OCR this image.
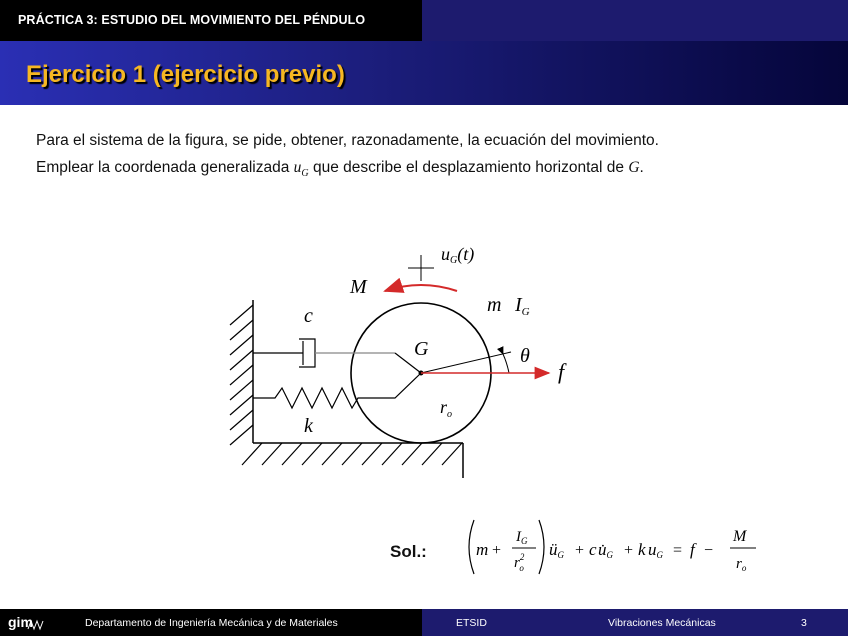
PRÁCTICA 3: ESTUDIO DEL MOVIMIENTO DEL PÉNDULO
Ejercicio 1 (ejercicio previo)
Para el sistema de la figura, se pide, obtener, razonadamente, la ecuación del movimiento.
Emplear la coordenada generalizada $u_G$ que describe el desplazamiento horizontal de G.
uG(t)
M
m $I_G$
c
k
G	θ
f
$r_o$
Sol.:	m +
$I_G$
$r^2$ o
üG + c u̇G + k uG = f −
M
$r_o$
gim	Departamento de Ingeniería Mecánica y de Materiales	ETSID	Vibraciones Mecánicas	3
